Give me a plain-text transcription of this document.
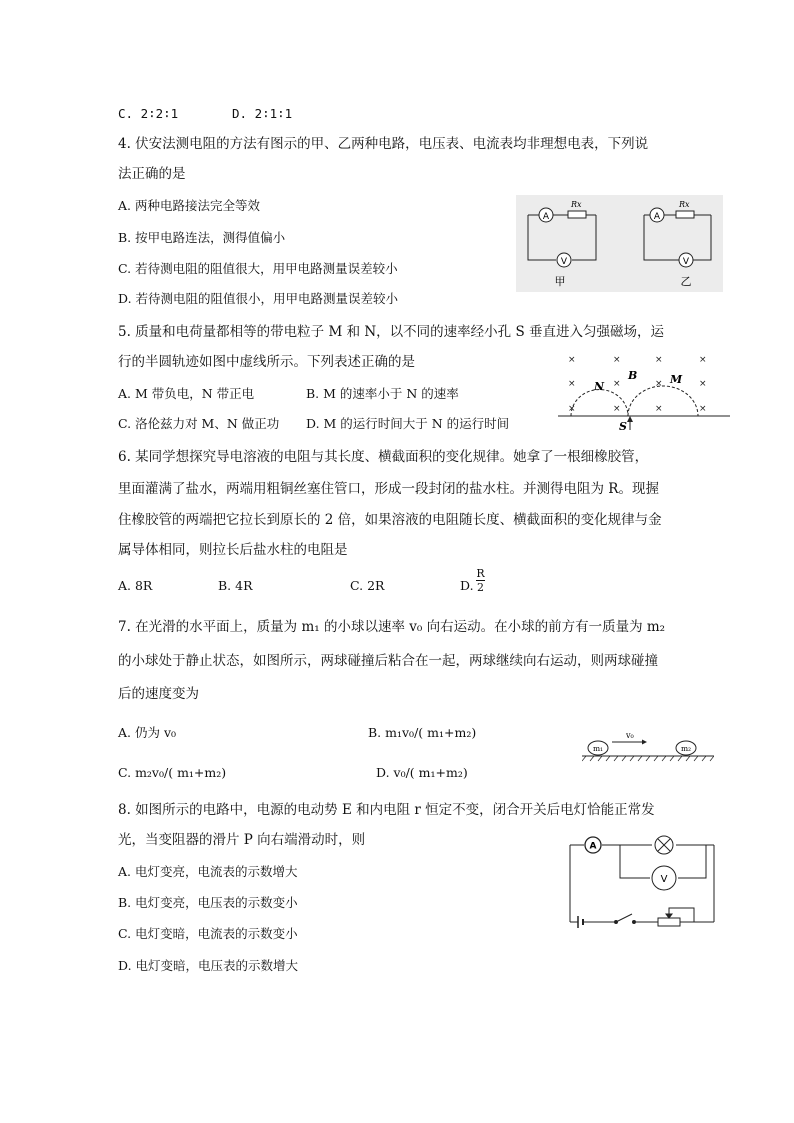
C. 2∶2∶1	D. 2∶1∶1
4. 伏安法测电阻的方法有图示的甲、乙两种电路，电压表、电流表均非理想电表，下列说
法正确的是
A. 两种电路接法完全等效
B. 按甲电路连法，测得值偏小
C. 若待测电阻的阻值很大，用甲电路测量误差较小
D. 若待测电阻的阻值很小，用甲电路测量误差较小
A
V
Rx
甲
A
V
Rx
乙
5. 质量和电荷量都相等的带电粒子 M 和 N，以不同的速率经小孔 S 垂直进入匀强磁场，运
行的半圆轨迹如图中虚线所示。下列表述正确的是
A. M 带负电，N 带正电	B. M 的速率小于 N 的速率
C. 洛伦兹力对 M、N 做正功 D. M 的运行时间大于 N 的运行时间
×	×	×	×
×	×	×	×
×	×	×	×
B
N
M
S
6. 某同学想探究导电溶液的电阻与其长度、横截面积的变化规律。她拿了一根细橡胶管，
里面灌满了盐水，两端用粗铜丝塞住管口，形成一段封闭的盐水柱。并测得电阻为 R。现握
住橡胶管的两端把它拉长到原长的 2 倍，如果溶液的电阻随长度、横截面积的变化规律与金
属导体相同，则拉长后盐水柱的电阻是
A. 8R	B. 4R	C. 2R	D.
R
2
7. 在光滑的水平面上，质量为 m₁ 的小球以速率 v₀ 向右运动。在小球的前方有一质量为 m₂
的小球处于静止状态，如图所示，两球碰撞后粘合在一起，两球继续向右运动，则两球碰撞
后的速度变为
A. 仍为 v₀	B. m₁v₀/( m₁+m₂)
C. m₂v₀/( m₁+m₂)	D. v₀/( m₁+m₂)
m₁	m₂
v₀
8. 如图所示的电路中，电源的电动势 E 和内电阻 r 恒定不变，闭合开关后电灯恰能正常发
光，当变阻器的滑片 P 向右端滑动时，则
A. 电灯变亮，电流表的示数增大
B. 电灯变亮，电压表的示数变小
C. 电灯变暗，电流表的示数变小
D. 电灯变暗，电压表的示数增大
A
V
